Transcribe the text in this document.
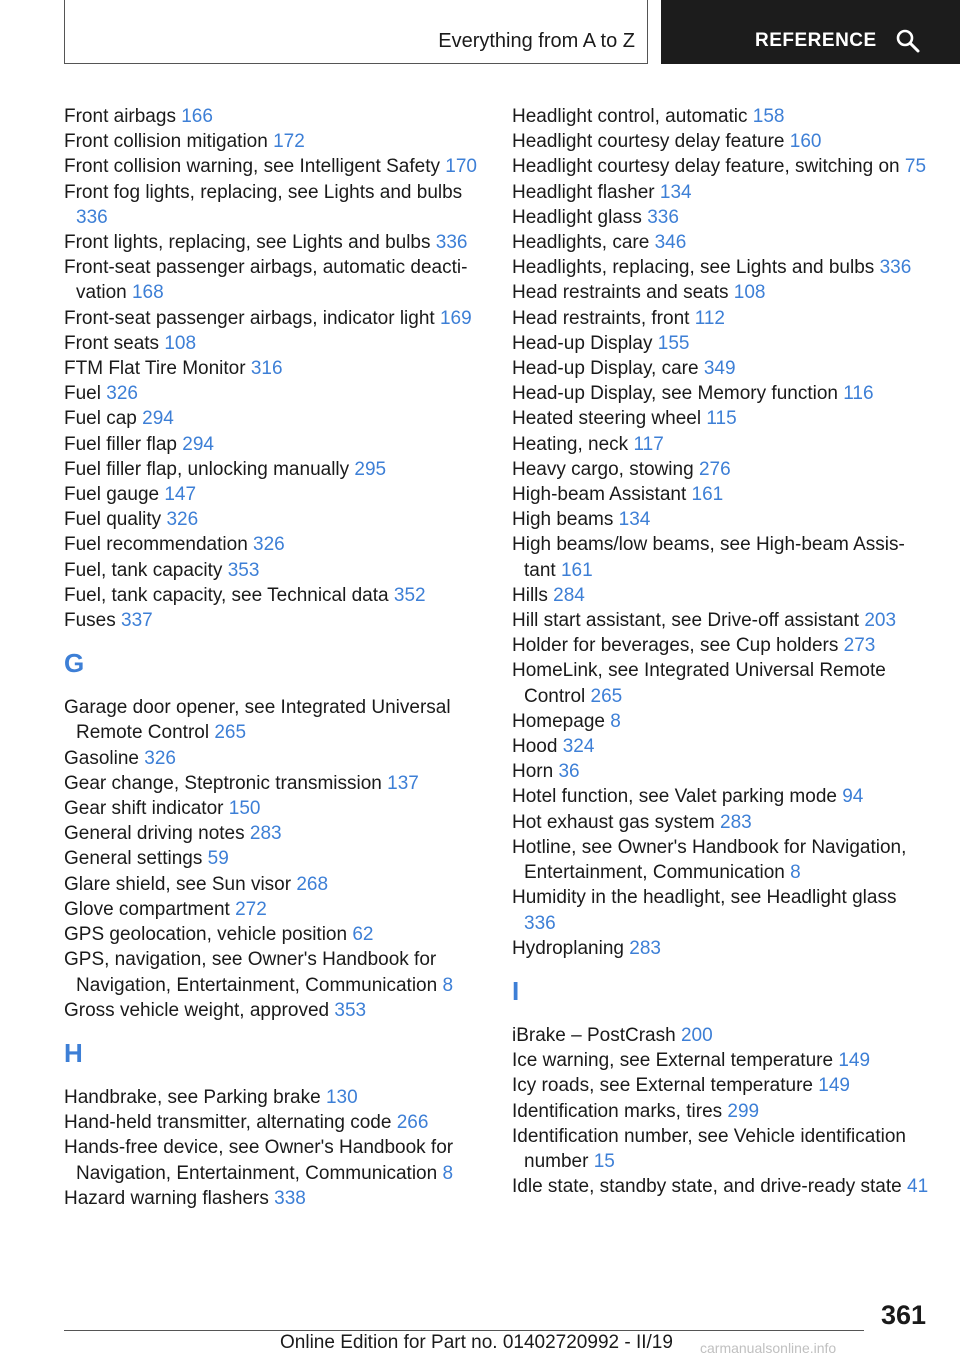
Everything from A to Z	REFERENCE

Front airbags 166

Front collision mitigation 172

Front collision warning, see Intelligent Safety 170

Front fog lights, replacing, see Lights and bulbs 336

Front lights, replacing, see Lights and bulbs 336

Front-seat passenger airbags, automatic deacti-vation 168

Front-seat passenger airbags, indicator light 169

Front seats 108

FTM Flat Tire Monitor 316

Fuel 326

Fuel cap 294

Fuel filler flap 294

Fuel filler flap, unlocking manually 295

Fuel gauge 147

Fuel quality 326

Fuel recommendation 326

Fuel, tank capacity 353

Fuel, tank capacity, see Technical data 352

Fuses 337

G

Garage door opener, see Integrated Universal Remote Control 265

Gasoline 326

Gear change, Steptronic transmission 137

Gear shift indicator 150

General driving notes 283

General settings 59

Glare shield, see Sun visor 268

Glove compartment 272

GPS geolocation, vehicle position 62

GPS, navigation, see Owner's Handbook for Navigation, Entertainment, Communication 8

Gross vehicle weight, approved 353

H

Handbrake, see Parking brake 130

Hand-held transmitter, alternating code 266

Hands-free device, see Owner's Handbook for Navigation, Entertainment, Communication 8

Hazard warning flashers 338

Headlight control, automatic 158

Headlight courtesy delay feature 160

Headlight courtesy delay feature, switching on 75

Headlight flasher 134

Headlight glass 336

Headlights, care 346

Headlights, replacing, see Lights and bulbs 336

Head restraints and seats 108

Head restraints, front 112

Head-up Display 155

Head-up Display, care 349

Head-up Display, see Memory function 116

Heated steering wheel 115

Heating, neck 117

Heavy cargo, stowing 276

High-beam Assistant 161

High beams 134

High beams/low beams, see High-beam Assis-tant 161

Hills 284

Hill start assistant, see Drive-off assistant 203

Holder for beverages, see Cup holders 273

HomeLink, see Integrated Universal Remote Control 265

Homepage 8

Hood 324

Horn 36

Hotel function, see Valet parking mode 94

Hot exhaust gas system 283

Hotline, see Owner's Handbook for Navigation, Entertainment, Communication 8

Humidity in the headlight, see Headlight glass 336

Hydroplaning 283

I

iBrake – PostCrash 200

Ice warning, see External temperature 149

Icy roads, see External temperature 149

Identification marks, tires 299

Identification number, see Vehicle identification number 15

Idle state, standby state, and drive-ready state 41

361
Online Edition for Part no. 01402720992 - II/19 carmanualsonline.info
